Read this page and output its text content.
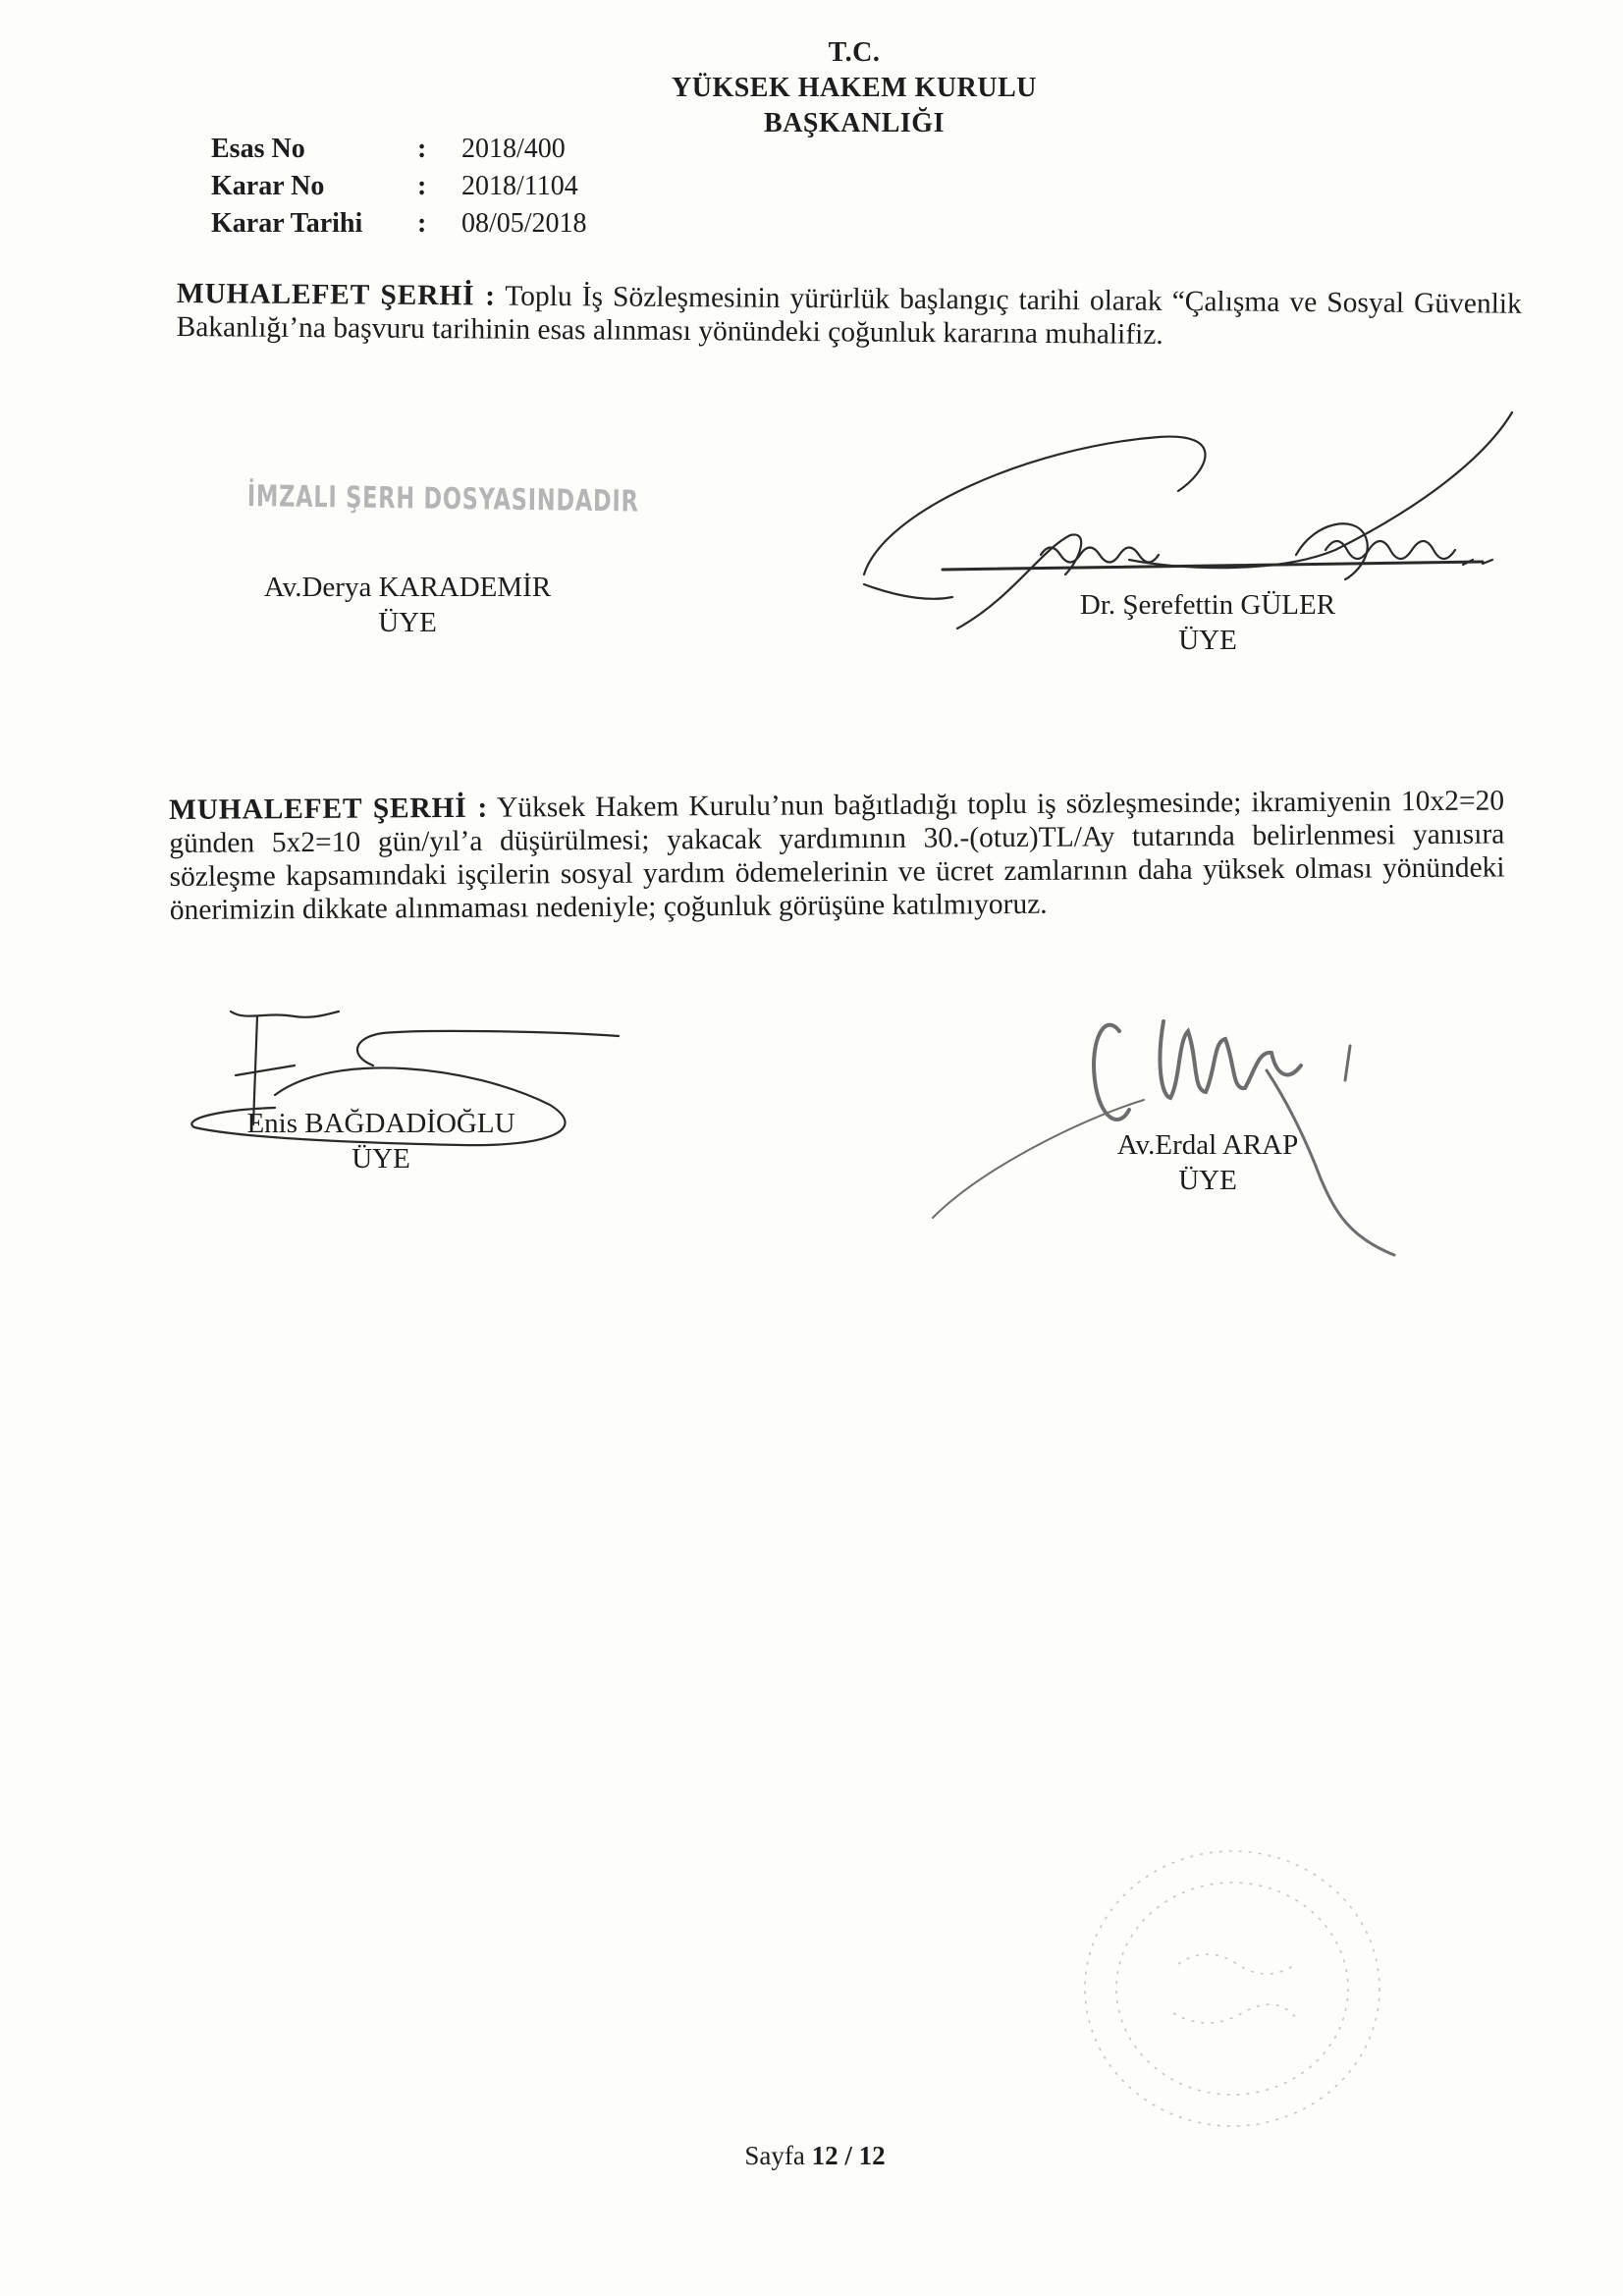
T.C.
YÜKSEK HAKEM KURULU
BAŞKANLIĞI
Esas No	: 2018/400
Karar No	: 2018/1104
Karar Tarihi : 08/05/2018
MUHALEFET ŞERHİ : Toplu İş Sözleşmesinin yürürlük başlangıç tarihi olarak “Çalışma ve Sosyal Güvenlik Bakanlığı’na başvuru tarihinin esas alınması yönündeki çoğunluk kararına muhalifiz.
İMZALI ŞERH DOSYASINDADIR
Av.Derya KARADEMİR
ÜYE
Dr. Şerefettin GÜLER
ÜYE
MUHALEFET ŞERHİ : Yüksek Hakem Kurulu’nun bağıtladığı toplu iş sözleşmesinde; ikramiyenin 10x2=20 günden 5x2=10 gün/yıl’a düşürülmesi; yakacak yardımının 30.-(otuz)TL/Ay tutarında belirlenmesi yanısıra sözleşme kapsamındaki işçilerin sosyal yardım ödemelerinin ve ücret zamlarının daha yüksek olması yönündeki önerimizin dikkate alınmaması nedeniyle; çoğunluk görüşüne katılmıyoruz.
Enis BAĞDADİOĞLU
ÜYE	Av.Erdal ARAP
ÜYE
Sayfa 12 / 12
